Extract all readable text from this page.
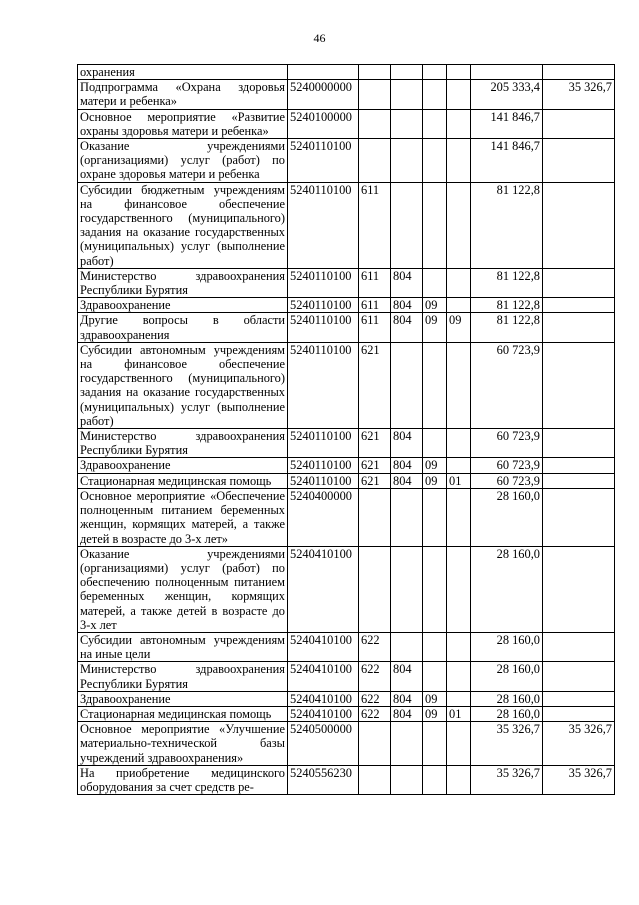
46
охранения							
Подпрограмма «Охрана здоровья матери и ребенка»	5240000000					205 333,4	35 326,7
Основное мероприятие «Развитие охраны здоровья матери и ребенка»	5240100000					141 846,7	
Оказание учреждениями (организациями) услуг (работ) по охране здоровья матери и ребенка	5240110100					141 846,7	
Субсидии бюджетным учреждениям на финансовое обеспечение государственного (муниципального) задания на оказание государственных (муниципальных) услуг (выполнение работ)	5240110100	611				81 122,8	
Министерство здравоохранения Республики Бурятия	5240110100	611	804			81 122,8	
Здравоохранение	5240110100	611	804	09		81 122,8	
Другие вопросы в области здравоохранения	5240110100	611	804	09	09	81 122,8	
Субсидии автономным учреждениям на финансовое обеспечение государственного (муниципального) задания на оказание государственных (муниципальных) услуг (выполнение работ)	5240110100	621				60 723,9	
Министерство здравоохранения Республики Бурятия	5240110100	621	804			60 723,9	
Здравоохранение	5240110100	621	804	09		60 723,9	
Стационарная медицинская помощь	5240110100	621	804	09	01	60 723,9	
Основное мероприятие «Обеспечение полноценным питанием беременных женщин, кормящих матерей, а также детей в возрасте до 3-х лет»	5240400000					28 160,0	
Оказание учреждениями (организациями) услуг (работ) по обеспечению полноценным питанием беременных женщин, кормящих матерей, а также детей в возрасте до 3-х лет	5240410100					28 160,0	
Субсидии автономным учреждениям на иные цели	5240410100	622				28 160,0	
Министерство здравоохранения Республики Бурятия	5240410100	622	804			28 160,0	
Здравоохранение	5240410100	622	804	09		28 160,0	
Стационарная медицинская помощь	5240410100	622	804	09	01	28 160,0	
Основное мероприятие «Улучшение материально-технической базы учреждений здравоохранения»	5240500000					35 326,7	35 326,7
На приобретение медицинского оборудования за счет средств ре-	5240556230					35 326,7	35 326,7
